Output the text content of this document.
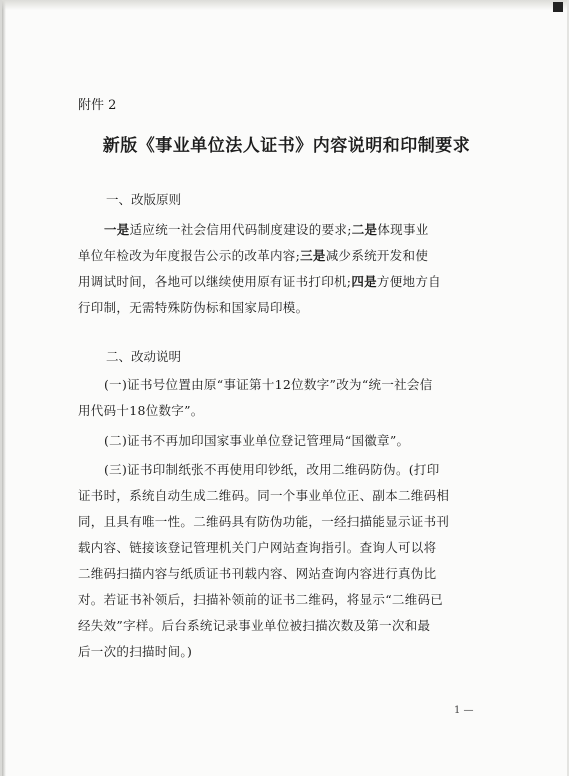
附件 2
新版《事业单位法人证书》内容说明和印制要求
一、改版原则

一是适应统一社会信用代码制度建设的要求;二是体现事业

单位年检改为年度报告公示的改革内容;三是减少系统开发和使

用调试时间，各地可以继续使用原有证书打印机;四是方便地方自

行印制，无需特殊防伪标和国家局印模。

二、改动说明

(一)证书号位置由原“事证第十12位数字”改为“统一社会信

用代码十18位数字”。

(二)证书不再加印国家事业单位登记管理局“国徽章”。

(三)证书印制纸张不再使用印钞纸，改用二维码防伪。(打印

证书时，系统自动生成二维码。同一个事业单位正、副本二维码相

同，且具有唯一性。二维码具有防伪功能，一经扫描能显示证书刊

载内容、链接该登记管理机关门户网站查询指引。查询人可以将

二维码扫描内容与纸质证书刊载内容、网站查询内容进行真伪比

对。若证书补领后，扫描补领前的证书二维码，将显示“二维码已

经失效”字样。后台系统记录事业单位被扫描次数及第一次和最

后一次的扫描时间。)

1 —
